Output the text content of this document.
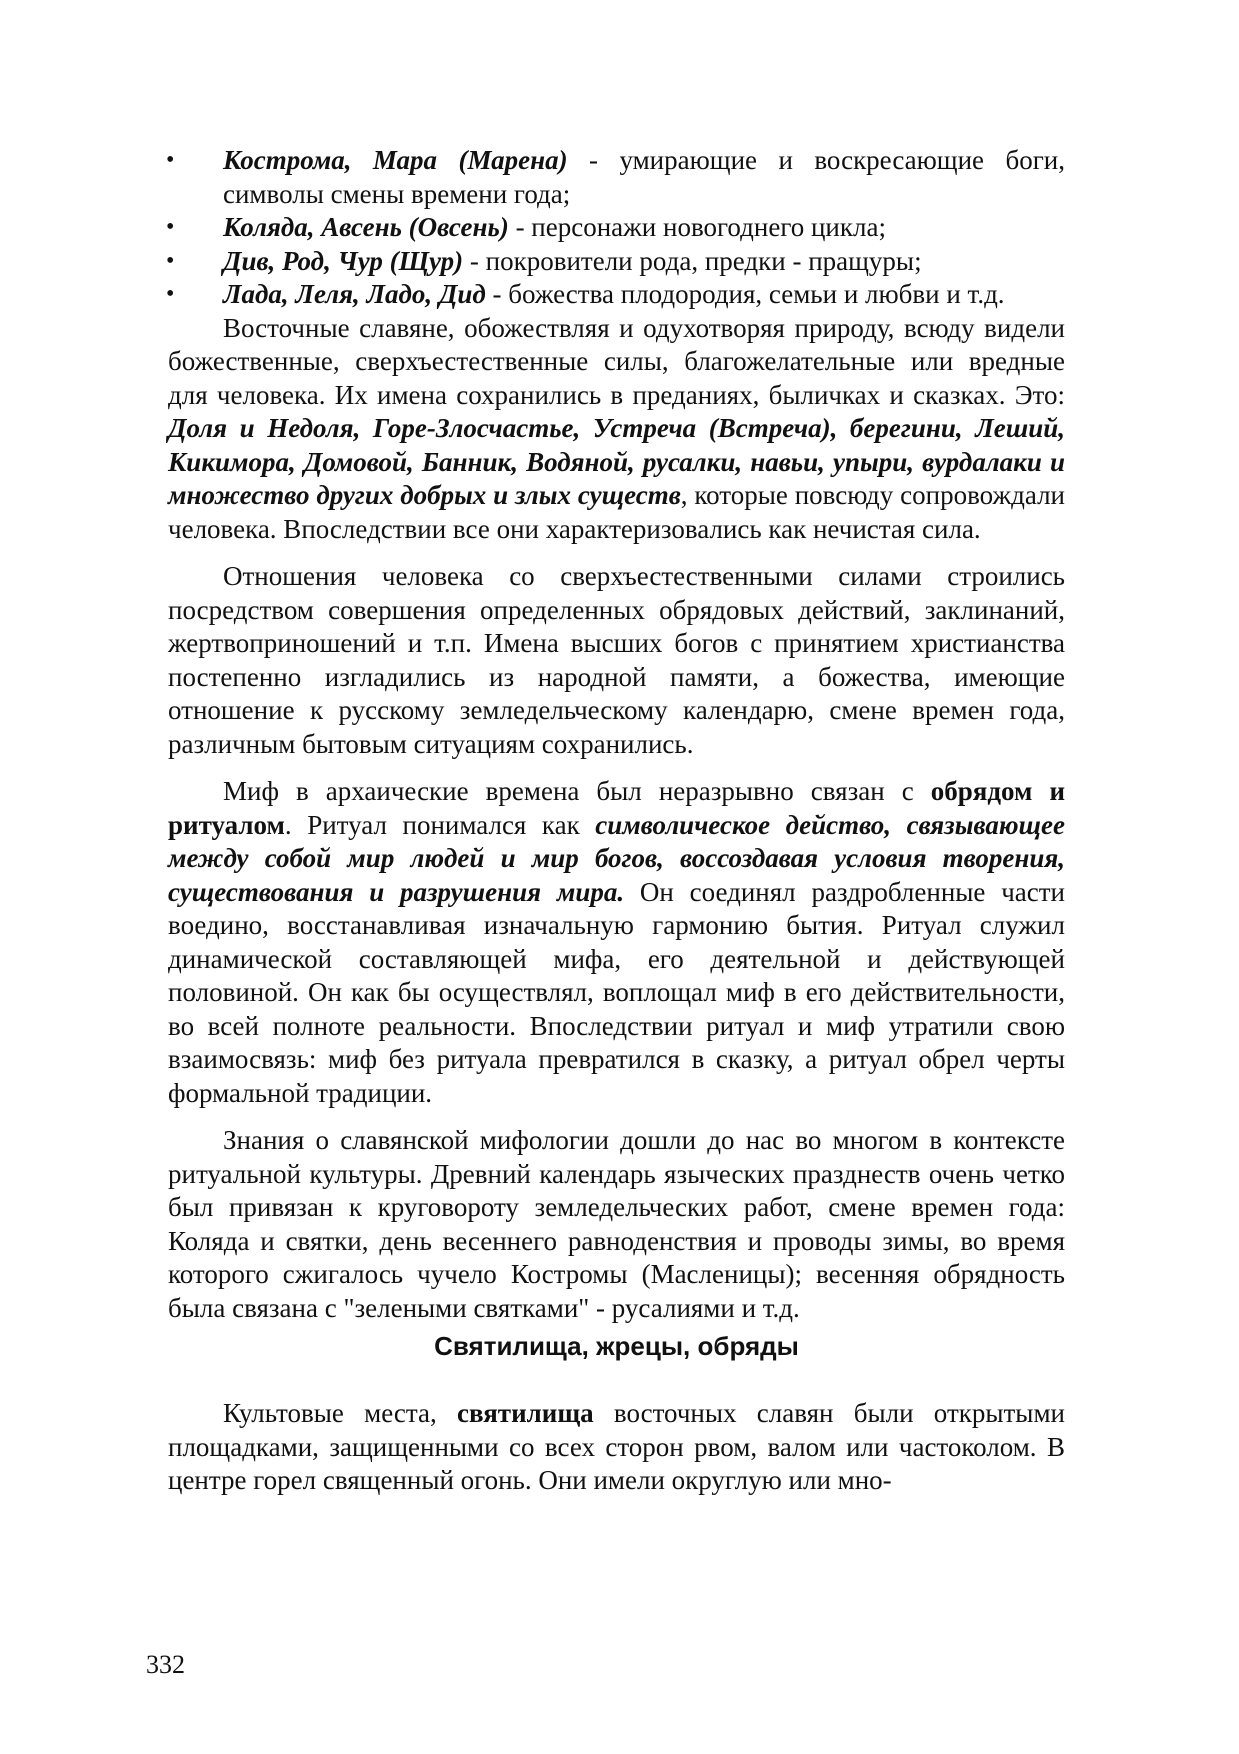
• Кострома, Мара (Марена) - умирающие и воскресающие боги, символы смены времени года;
• Коляда, Авсень (Овсень) - персонажи новогоднего цикла;
• Див, Род, Чур (Щур) - покровители рода, предки - пращуры;
• Лада, Леля, Ладо, Дид - божества плодородия, семьи и любви и т.д.

Восточные славяне, обожествляя и одухотворяя природу, всюду видели божественные, сверхъестественные силы, благожелательные или вредные для человека. Их имена сохранились в преданиях, быличках и сказках. Это: Доля и Недоля, Горе-Злосчастье, Устреча (Встреча), берегини, Леший, Кикимора, Домовой, Банник, Водяной, русалки, навьи, упыри, вурдалаки и множество других добрых и злых существ, которые повсюду сопровождали человека. Впоследствии все они характеризовались как нечистая сила.

Отношения человека со сверхъестественными силами строились посредством совершения определенных обрядовых действий, заклинаний, жертвоприношений и т.п. Имена высших богов с принятием христианства постепенно изгладились из народной памяти, а божества, имеющие отношение к русскому земледельческому календарю, смене времен года, различным бытовым ситуациям сохранились.

Миф в архаические времена был неразрывно связан с обрядом и ритуалом. Ритуал понимался как символическое действо, связывающее между собой мир людей и мир богов, воссоздавая условия творения, существования и разрушения мира. Он соединял раздробленные части воедино, восстанавливая изначальную гармонию бытия. Ритуал служил динамической составляющей мифа, его деятельной и действующей половиной. Он как бы осуществлял, воплощал миф в его действительности, во всей полноте реальности. Впоследствии ритуал и миф утратили свою взаимосвязь: миф без ритуала превратился в сказку, а ритуал обрел черты формальной традиции.

Знания о славянской мифологии дошли до нас во многом в контексте ритуальной культуры. Древний календарь языческих празднеств очень четко был привязан к круговороту земледельческих работ, смене времен года: Коляда и святки, день весеннего равноденствия и проводы зимы, во время которого сжигалось чучело Костромы (Масленицы); весенняя обрядность была связана с "зелеными святками" - русалиями и т.д.

Святилища, жрецы, обряды

Культовые места, святилища восточных славян были открытыми площадками, защищенными со всех сторон рвом, валом или частоколом. В центре горел священный огонь. Они имели округлую или мно-

332
